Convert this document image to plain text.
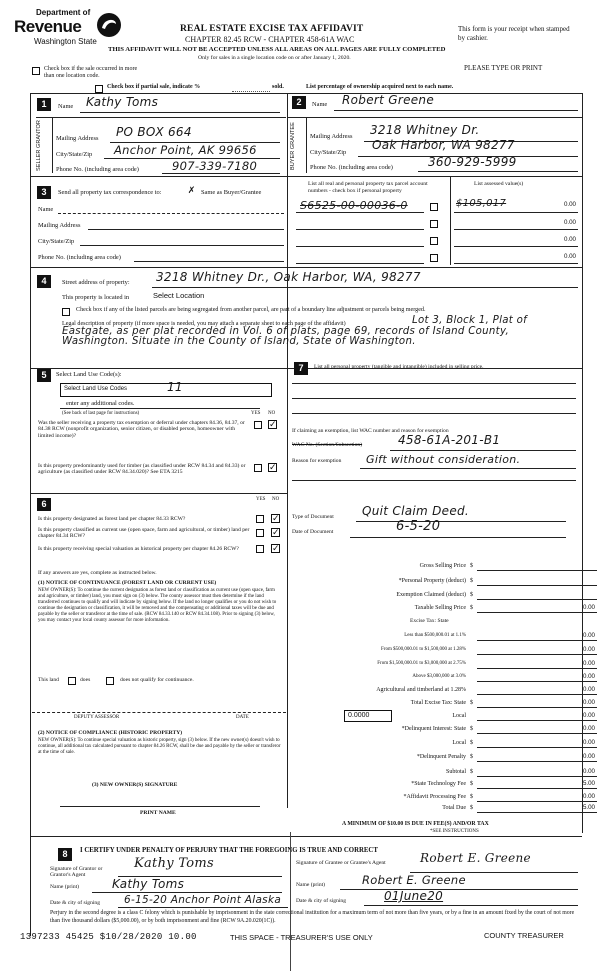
Department of
Revenue
Washington State
REAL ESTATE EXCISE TAX AFFIDAVIT
CHAPTER 82.45 RCW - CHAPTER 458-61A WAC
THIS AFFIDAVIT WILL NOT BE ACCEPTED UNLESS ALL AREAS ON ALL PAGES ARE FULLY COMPLETED
Only for sales in a single location code on or after January 1, 2020.
This form is your receipt when stamped by cashier.
PLEASE TYPE OR PRINT
Check box if the sale occurred in more than one location code.
Check box if partial sale, indicate %	sold.	List percentage of ownership acquired next to each name.
1	Name Kathy Toms
SELLER GRANTOR	Mailing Address PO BOX 664
City/State/Zip Anchor Point, AK 99656
Phone No. (including area code)	907-339-7180
2	Name Robert Greene
BUYER GRANTEE	Mailing Address 3218 Whitney Dr.
City/State/Zip
Oak Harbor, WA 98277
Phone No. (including area code)	360-929-5999
3	Send all property tax correspondence to:	✗ Same as Buyer/Grantee
Name
Mailing Address
City/State/Zip
Phone No. (including area code)
List all real and personal property tax parcel account numbers - check box if personal property
List assessed value(s)
S6525-00-00036-0	$105,017	0.00
0.00
0.00
0.00
4	Street address of property: 3218 Whitney Dr., Oak Harbor, WA, 98277
This property is located in	Select Location
Check box if any of the listed parcels are being segregated from another parcel, are part of a boundary line adjustment or parcels being merged.
Legal description of property (if more space is needed, you may attach a separate sheet to each page of the affidavit)	Lot 3, Block 1, Plat of Eastgate, as per plat recorded in Vol. 6 of plats, page 69, records of Island County, Washington. Situate in the County of Island, State of Washington.
5	Select Land Use Code(s):
Select Land Use Codes	11
enter any additional codes.
(See back of last page for instructions)	YES NO
Was the seller receiving a property tax exemption or deferral under chapters 84.36, 84.37, or 84.38 RCW (nonprofit organization, senior citizen, or disabled person, homeowner with limited income)?
✓
Is this property predominantly used for timber (as classified under RCW 84.34 and 84.33) or agriculture (as classified under RCW 84.34.020)? See ETA 3215	✓
6	YES NO
Is this property designated as forest land per chapter 84.33 RCW?	✓
Is this property classified as current use (open space, farm and agricultural, or timber) land per chapter 84.34 RCW?	✓
Is this property receiving special valuation as historical property per chapter 84.26 RCW?	✓
If any answers are yes, complete as instructed below.
(1) NOTICE OF CONTINUANCE (FOREST LAND OR CURRENT USE)
NEW OWNER(S): To continue the current designation as forest land or classification as current use (open space, farm and agriculture, or timber) land, you must sign on (3) below. The county assessor must then determine if the land transferred continues to qualify and will indicate by signing below. If the land no longer qualifies or you do not wish to continue the designation or classification, it will be removed and the compensating or additional taxes will be due and payable by the seller or transferor at the time of sale. (RCW 84.33.140 or RCW 84.34.108). Prior to signing (3) below, you may contact your local county assessor for more information.
This land	does	does not qualify for continuance.
DEPUTY ASSESSOR	DATE
(2) NOTICE OF COMPLIANCE (HISTORIC PROPERTY)
NEW OWNER(S): To continue special valuation as historic property, sign (3) below. If the new owner(s) doesn't wish to continue, all additional tax calculated pursuant to chapter 84.26 RCW, shall be due and payable by the seller or transferor at the time of sale.
(3) NEW OWNER(S) SIGNATURE
PRINT NAME
7	List all personal property (tangible and intangible) included in selling price.
If claiming an exemption, list WAC number and reason for exemption
WAC No. (Section/Subsection)	458-61A-201-B1
Reason for exemption Gift without consideration.
Type of Document Quit Claim Deed.
Date of Document	6-5-20
Gross Selling Price $
*Personal Property (deduct) $
Exemption Claimed (deduct) $
Taxable Selling Price $	0.00
Excise Tax: State
Less than $500,000.01 at 1.1%	0.00
From $500,000.01 to $1,500,000 at 1.28%	0.00
From $1,500,000.01 to $3,000,000 at 2.75%	0.00
Above $3,000,000 at 3.0%	0.00
Agricultural and timberland at 1.28%	0.00
Total Excise Tax: State $	0.00
0.0000	Local	0.00
*Delinquent Interest: State $	0.00
Local $	0.00
*Delinquent Penalty $	0.00
Subtotal $	0.00
*State Technology Fee $	5.00
*Affidavit Processing Fee $	0.00
Total Due $	5.00
A MINIMUM OF $10.00 IS DUE IN FEE(S) AND/OR TAX
*SEE INSTRUCTIONS
8	I CERTIFY UNDER PENALTY OF PERJURY THAT THE FOREGOING IS TRUE AND CORRECT
Signature of Grantor or Grantor's Agent
Kathy Toms
Name (print)	Kathy Toms
Date & city of signing 6-15-20 Anchor Point Alaska
Signature of Grantee or Grantee's Agent	Robert E. Greene
Name (print)	Robert E. Greene
Date & city of signing	01June20
Perjury in the second degree is a class C felony which is punishable by imprisonment in the state correctional institution for a maximum term of not more than five years, or by a fine in an amount fixed by the court of not more than five thousand dollars ($5,000.00), or by both imprisonment and fine (RCW 9A.20.020(1C)).
1397233 45425 $10/28/2020 10.00	THIS SPACE - TREASURER'S USE ONLY	COUNTY TREASURER
